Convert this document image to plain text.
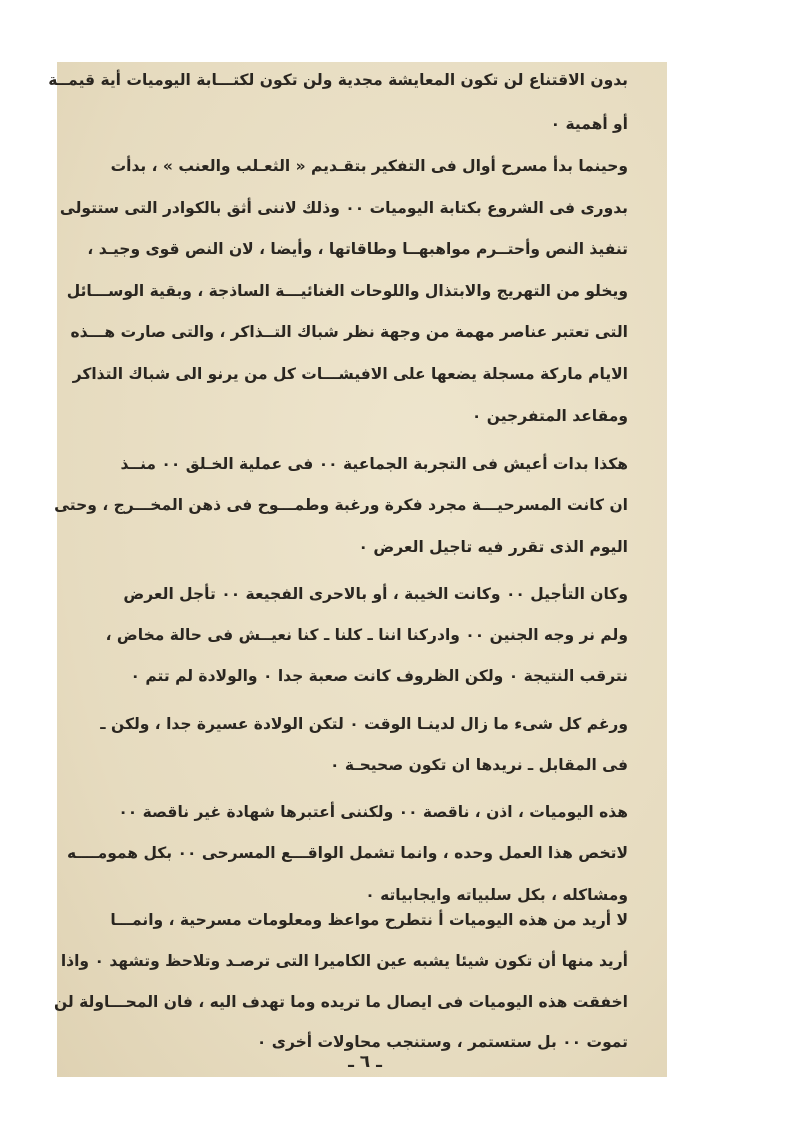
بدون الاقتناع لن تكون المعايشة مجدية ولن تكون لكتـــابة اليوميات أية قيمــة
أو أهمية ٠
وحينما بدأ مسرح أوال فى التفكير بتقـديم « الثعـلب والعنب » ، بدأت
بدورى فى الشروع بكتابة اليوميات ٠٠ وذلك لاننى أثق بالكوادر التى ستتولى
تنفيذ النص وأحتــرم مواهبهــا وطاقاتها ، وأيضا ، لان النص قوى وجيـد ،
ويخلو من التهريج والابتذال واللوحات الغنائيـــة الساذجة ، وبقية الوســـائل
التى تعتبر عناصر مهمة من وجهة نظر شباك التــذاكر ، والتى صارت هـــذه
الايام ماركة مسجلة يضعها على الافيشـــات كل من يرنو الى شباك التذاكر
ومقاعد المتفرجين ٠
هكذا بدات أعيش فى التجربة الجماعية ٠٠ فى عملية الخـلق ٠٠ منــذ
ان كانت المسرحيـــة مجرد فكرة ورغبة وطمـــوح فى ذهن المخـــرج ، وحتى
اليوم الذى تقرر فيه تاجيل العرض ٠
وكان التأجيل ٠٠ وكانت الخيبة ، أو بالاحرى الفجيعة ٠٠ تأجل العرض
ولم نر وجه الجنين ٠٠ وادركنا اننا ـ كلنا ـ كنا نعيــش فى حالة مخاض ،
نترقب النتيجة ٠ ولكن الظروف كانت صعبة جدا ٠ والولادة لم تتم ٠
ورغم كل شىء ما زال لدينـا الوقت ٠ لتكن الولادة عسيرة جدا ، ولكن ـ
فى المقابل ـ نريدها ان تكون صحيحـة ٠
هذه اليوميات ، اذن ، ناقصة ٠٠ ولكننى أعتبرها شهادة غير ناقصة ٠٠
لاتخص هذا العمل وحده ، وانما تشمل الواقـــع المسرحى ٠٠ بكل همومــــه
ومشاكله ، بكل سلبياته وايجابياته ٠
لا أريد من هذه اليوميات أ نتطرح مواعظ ومعلومات مسرحية ، وانمـــا
أريد منها أن تكون شيئا يشبه عين الكاميرا التى ترصـد وتلاحظ وتشهد ٠ واذا
اخفقت هذه اليوميات فى ايصال ما تريده وما تهدف اليه ، فان المحـــاولة لن
تموت ٠٠ بل ستستمر ، وستنجب محاولات أخرى ٠
ـ ٦ ـ
